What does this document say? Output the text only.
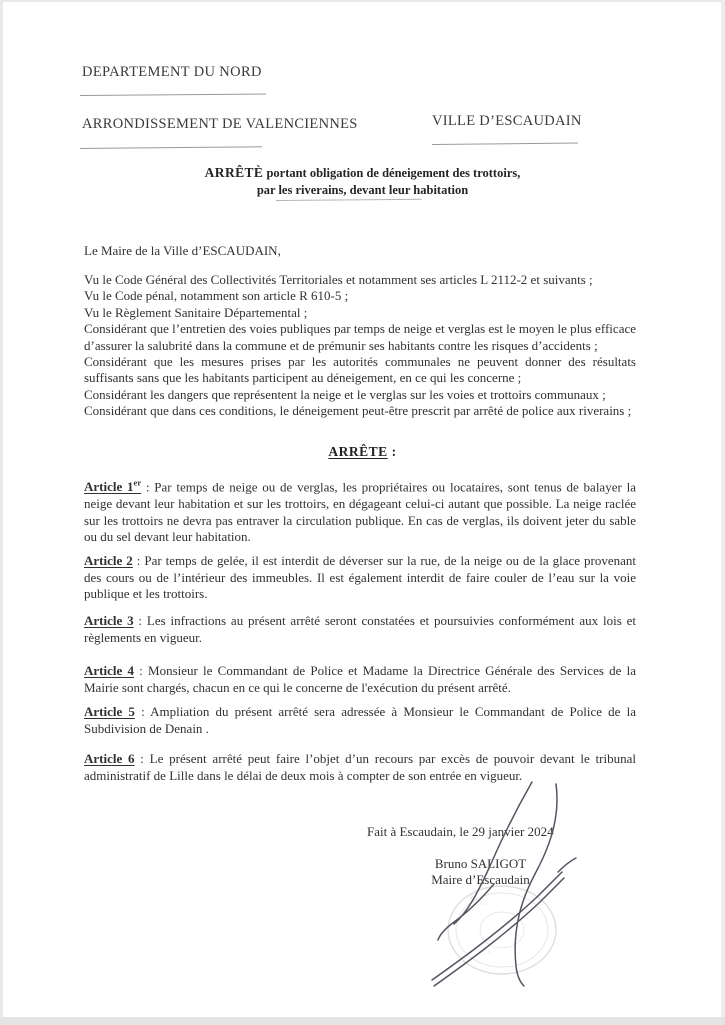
DEPARTEMENT DU NORD
ARRONDISSEMENT DE VALENCIENNES	VILLE D’ESCAUDAIN
ARRÊTÈ portant obligation de déneigement des trottoirs,
par les riverains, devant leur habitation
Le Maire de la Ville d’ESCAUDAIN,
Vu le Code Général des Collectivités Territoriales et notamment ses articles L 2112-2 et suivants ;
Vu le Code pénal, notamment son article R 610-5 ;
Vu le Règlement Sanitaire Départemental ;
Considérant que l’entretien des voies publiques par temps de neige et verglas est le moyen le plus efficace d’assurer la salubrité dans la commune et de prémunir ses habitants contre les risques d’accidents ;
Considérant que les mesures prises par les autorités communales ne peuvent donner des résultats suffisants sans que les habitants participent au déneigement, en ce qui les concerne ;
Considérant les dangers que représentent la neige et le verglas sur les voies et trottoirs communaux ;
Considérant que dans ces conditions, le déneigement peut-être prescrit par arrêté de police aux riverains ;
ARRÊTE :
Article 1er : Par temps de neige ou de verglas, les propriétaires ou locataires, sont tenus de balayer la neige devant leur habitation et sur les trottoirs, en dégageant celui-ci autant que possible. La neige raclée sur les trottoirs ne devra pas entraver la circulation publique. En cas de verglas, ils doivent jeter du sable ou du sel devant leur habitation.
Article 2 : Par temps de gelée, il est interdit de déverser sur la rue, de la neige ou de la glace provenant des cours ou de l’intérieur des immeubles. Il est également interdit de faire couler de l’eau sur la voie publique et les trottoirs.
Article 3 : Les infractions au présent arrêté seront constatées et poursuivies conformément aux lois et règlements en vigueur.
Article 4 : Monsieur le Commandant de Police et Madame la Directrice Générale des Services de la Mairie sont chargés, chacun en ce qui le concerne de l'exécution du présent arrêté.
Article 5 : Ampliation du présent arrêté sera adressée à Monsieur le Commandant de Police de la Subdivision de Denain .
Article 6 : Le présent arrêté peut faire l’objet d’un recours par excès de pouvoir devant le tribunal administratif de Lille dans le délai de deux mois à compter de son entrée en vigueur.
Fait à Escaudain, le 29 janvier 2024
Bruno SALIGOT
Maire d’Escaudain
E
s c
a
n
